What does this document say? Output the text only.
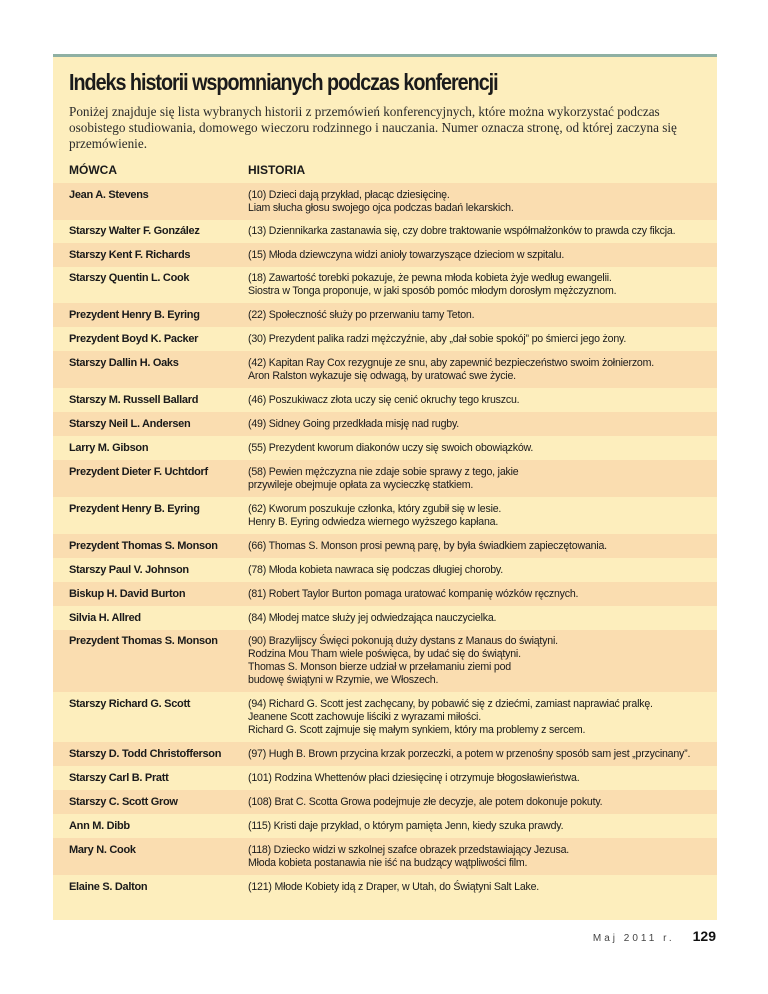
Indeks historii wspomnianych podczas konferencji

Poniżej znajduje się lista wybranych historii z przemówień konferencyjnych, które można wykorzystać podczas osobistego studiowania, domowego wieczoru rodzinnego i nauczania. Numer oznacza stronę, od której zaczyna się przemówienie.

MÓWCA	HISTORIA
Jean A. Stevens	(10) Dzieci dają przykład, płacąc dziesięcinę.
Liam słucha głosu swojego ojca podczas badań lekarskich.
Starszy Walter F. González	(13) Dziennikarka zastanawia się, czy dobre traktowanie współmałżonków to prawda czy fikcja.
Starszy Kent F. Richards	(15) Młoda dziewczyna widzi anioły towarzyszące dzieciom w szpitalu.
Starszy Quentin L. Cook	(18) Zawartość torebki pokazuje, że pewna młoda kobieta żyje według ewangelii.
Siostra w Tonga proponuje, w jaki sposób pomóc młodym dorosłym mężczyznom.
Prezydent Henry B. Eyring	(22) Społeczność służy po przerwaniu tamy Teton.
Prezydent Boyd K. Packer	(30) Prezydent palika radzi mężczyźnie, aby „dał sobie spokój” po śmierci jego żony.
Starszy Dallin H. Oaks	(42) Kapitan Ray Cox rezygnuje ze snu, aby zapewnić bezpieczeństwo swoim żołnierzom.
Aron Ralston wykazuje się odwagą, by uratować swe życie.
Starszy M. Russell Ballard	(46) Poszukiwacz złota uczy się cenić okruchy tego kruszcu.
Starszy Neil L. Andersen	(49) Sidney Going przedkłada misję nad rugby.
Larry M. Gibson	(55) Prezydent kworum diakonów uczy się swoich obowiązków.
Prezydent Dieter F. Uchtdorf	(58) Pewien mężczyzna nie zdaje sobie sprawy z tego, jakie
przywileje obejmuje opłata za wycieczkę statkiem.
Prezydent Henry B. Eyring	(62) Kworum poszukuje członka, który zgubił się w lesie.
Henry B. Eyring odwiedza wiernego wyższego kapłana.
Prezydent Thomas S. Monson	(66) Thomas S. Monson prosi pewną parę, by była świadkiem zapieczętowania.
Starszy Paul V. Johnson	(78) Młoda kobieta nawraca się podczas długiej choroby.
Biskup H. David Burton	(81) Robert Taylor Burton pomaga uratować kompanię wózków ręcznych.
Silvia H. Allred	(84) Młodej matce służy jej odwiedzająca nauczycielka.
Prezydent Thomas S. Monson	(90) Brazylijscy Święci pokonują duży dystans z Manaus do świątyni.
Rodzina Mou Tham wiele poświęca, by udać się do świątyni.
Thomas S. Monson bierze udział w przełamaniu ziemi pod
budowę świątyni w Rzymie, we Włoszech.
Starszy Richard G. Scott	(94) Richard G. Scott jest zachęcany, by pobawić się z dziećmi, zamiast naprawiać pralkę.
Jeanene Scott zachowuje liściki z wyrazami miłości.
Richard G. Scott zajmuje się małym synkiem, który ma problemy z sercem.
Starszy D. Todd Christofferson	(97) Hugh B. Brown przycina krzak porzeczki, a potem w przenośny sposób sam jest „przycinany”.
Starszy Carl B. Pratt	(101) Rodzina Whettenów płaci dziesięcinę i otrzymuje błogosławieństwa.
Starszy C. Scott Grow	(108) Brat C. Scotta Growa podejmuje złe decyzje, ale potem dokonuje pokuty.
Ann M. Dibb	(115) Kristi daje przykład, o którym pamięta Jenn, kiedy szuka prawdy.
Mary N. Cook	(118) Dziecko widzi w szkolnej szafce obrazek przedstawiający Jezusa.
Młoda kobieta postanawia nie iść na budzący wątpliwości film.
Elaine S. Dalton	(121) Młode Kobiety idą z Draper, w Utah, do Świątyni Salt Lake.
Maj 2011 r. 129
